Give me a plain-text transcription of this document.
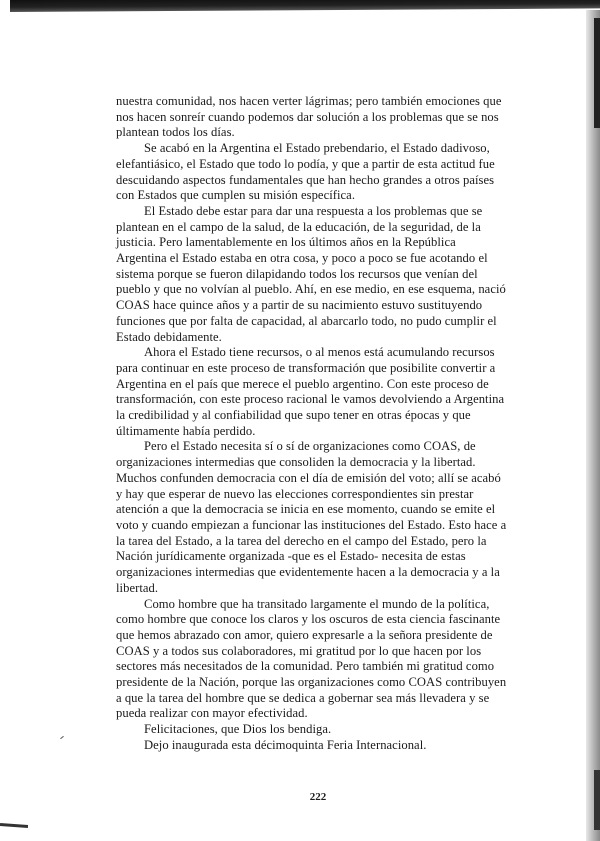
nuestra comunidad, nos hacen verter lágrimas; pero también emociones que
nos hacen sonreír cuando podemos dar solución a los problemas que se nos
plantean todos los días.

Se acabó en la Argentina el Estado prebendario, el Estado dadivoso,
elefantiásico, el Estado que todo lo podía, y que a partir de esta actitud fue
descuidando aspectos fundamentales que han hecho grandes a otros países
con Estados que cumplen su misión específica.

El Estado debe estar para dar una respuesta a los problemas que se
plantean en el campo de la salud, de la educación, de la seguridad, de la
justicia. Pero lamentablemente en los últimos años en la República
Argentina el Estado estaba en otra cosa, y poco a poco se fue acotando el
sistema porque se fueron dilapidando todos los recursos que venían del
pueblo y que no volvían al pueblo. Ahí, en ese medio, en ese esquema, nació
COAS hace quince años y a partir de su nacimiento estuvo sustituyendo
funciones que por falta de capacidad, al abarcarlo todo, no pudo cumplir el
Estado debidamente.

Ahora el Estado tiene recursos, o al menos está acumulando recursos
para continuar en este proceso de transformación que posibilite convertir a
Argentina en el país que merece el pueblo argentino. Con este proceso de
transformación, con este proceso racional le vamos devolviendo a Argentina
la credibilidad y al confiabilidad que supo tener en otras épocas y que
últimamente había perdido.

Pero el Estado necesita sí o sí de organizaciones como COAS, de
organizaciones intermedias que consoliden la democracia y la libertad.
Muchos confunden democracia con el día de emisión del voto; allí se acabó
y hay que esperar de nuevo las elecciones correspondientes sin prestar
atención a que la democracia se inicia en ese momento, cuando se emite el
voto y cuando empiezan a funcionar las instituciones del Estado. Esto hace a
la tarea del Estado, a la tarea del derecho en el campo del Estado, pero la
Nación jurídicamente organizada -que es el Estado- necesita de estas
organizaciones intermedias que evidentemente hacen a la democracia y a la
libertad.

Como hombre que ha transitado largamente el mundo de la política,
como hombre que conoce los claros y los oscuros de esta ciencia fascinante
que hemos abrazado con amor, quiero expresarle a la señora presidente de
COAS y a todos sus colaboradores, mi gratitud por lo que hacen por los
sectores más necesitados de la comunidad. Pero también mi gratitud como
presidente de la Nación, porque las organizaciones como COAS contribuyen
a que la tarea del hombre que se dedica a gobernar sea más llevadera y se
pueda realizar con mayor efectividad.

Felicitaciones, que Dios los bendiga.

Dejo inaugurada esta décimoquinta Feria Internacional.

222
